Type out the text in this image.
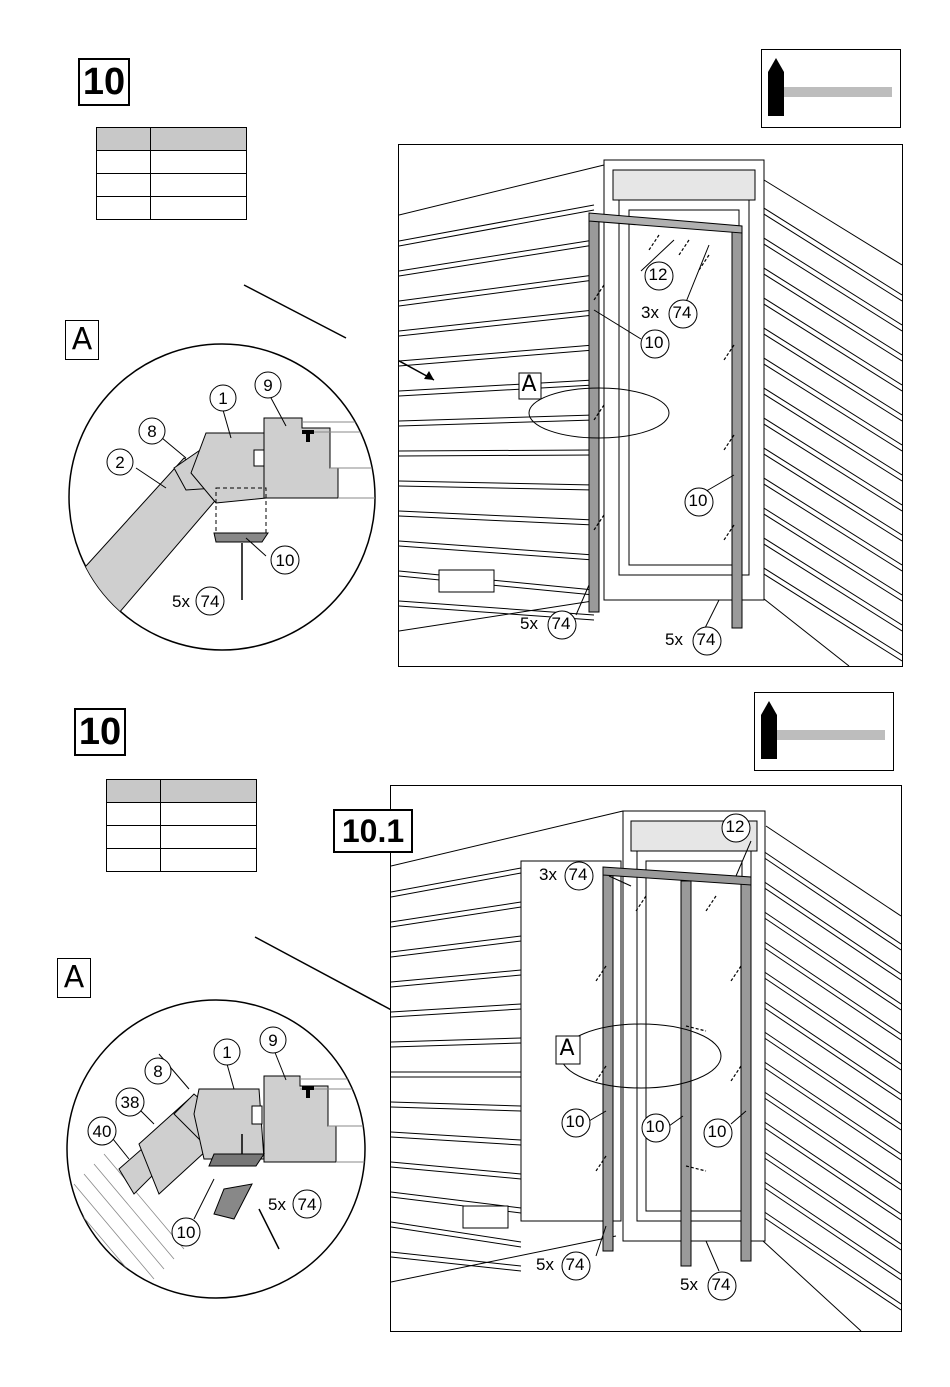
10

A
1
9
8
2
10
5x 74
A
12
3x 74
10
10
5x 74
5x 74
10

A
1
9
8
38
40
10
5x 74
10.1
A
12
3x 74
10	10	10
5x 74
5x 74
